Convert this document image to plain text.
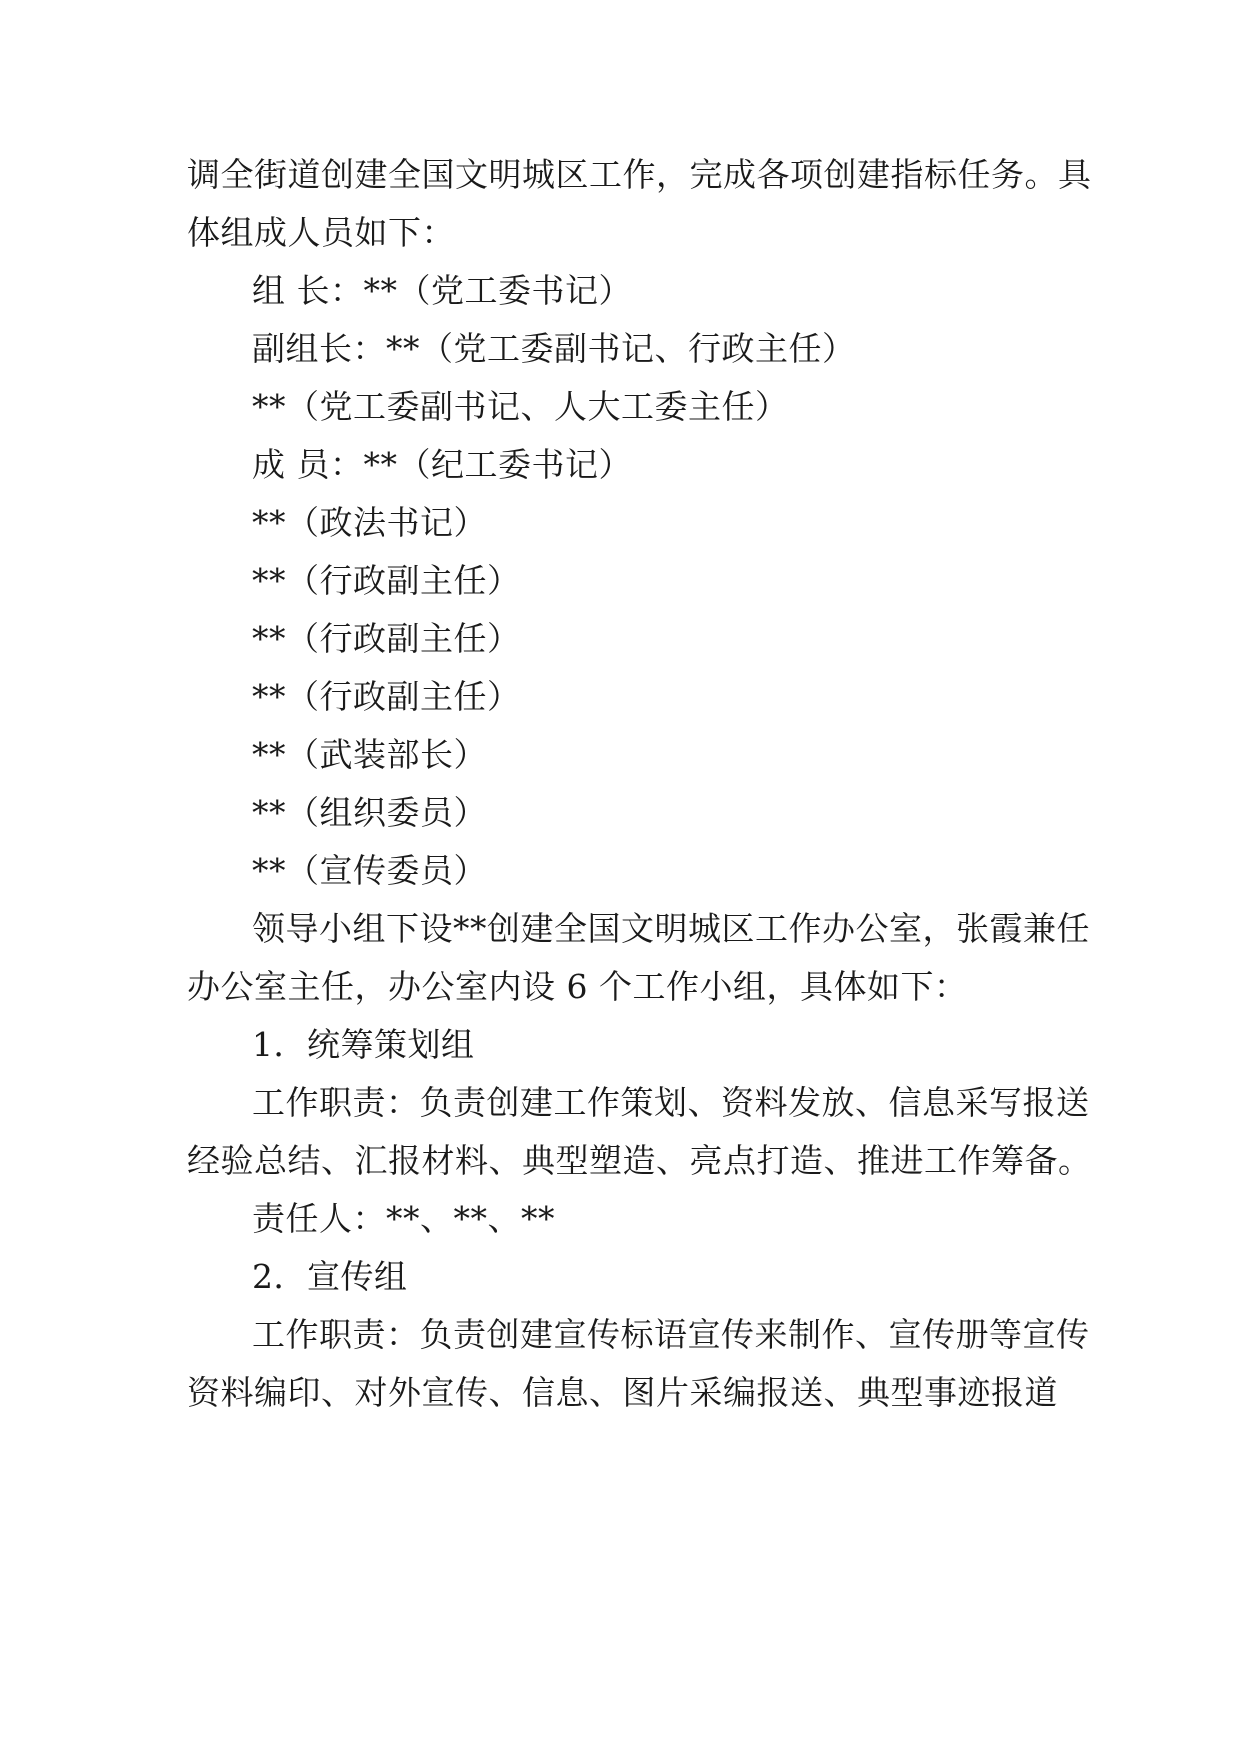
调全街道创建全国文明城区工作，完成各项创建指标任务。具

体组成人员如下：

组 长：**（党工委书记）

副组长：**（党工委副书记、行政主任）

**（党工委副书记、人大工委主任）

成 员：**（纪工委书记）

**（政法书记）

**（行政副主任）

**（行政副主任）

**（行政副主任）

**（武装部长）

**（组织委员）

**（宣传委员）

领导小组下设**创建全国文明城区工作办公室，张霞兼任

办公室主任，办公室内设 6 个工作小组，具体如下：

1．统筹策划组

工作职责：负责创建工作策划、资料发放、信息采写报送

经验总结、汇报材料、典型塑造、亮点打造、推进工作筹备。

责任人：**、**、**

2．宣传组

工作职责：负责创建宣传标语宣传来制作、宣传册等宣传

资料编印、对外宣传、信息、图片采编报送、典型事迹报道
